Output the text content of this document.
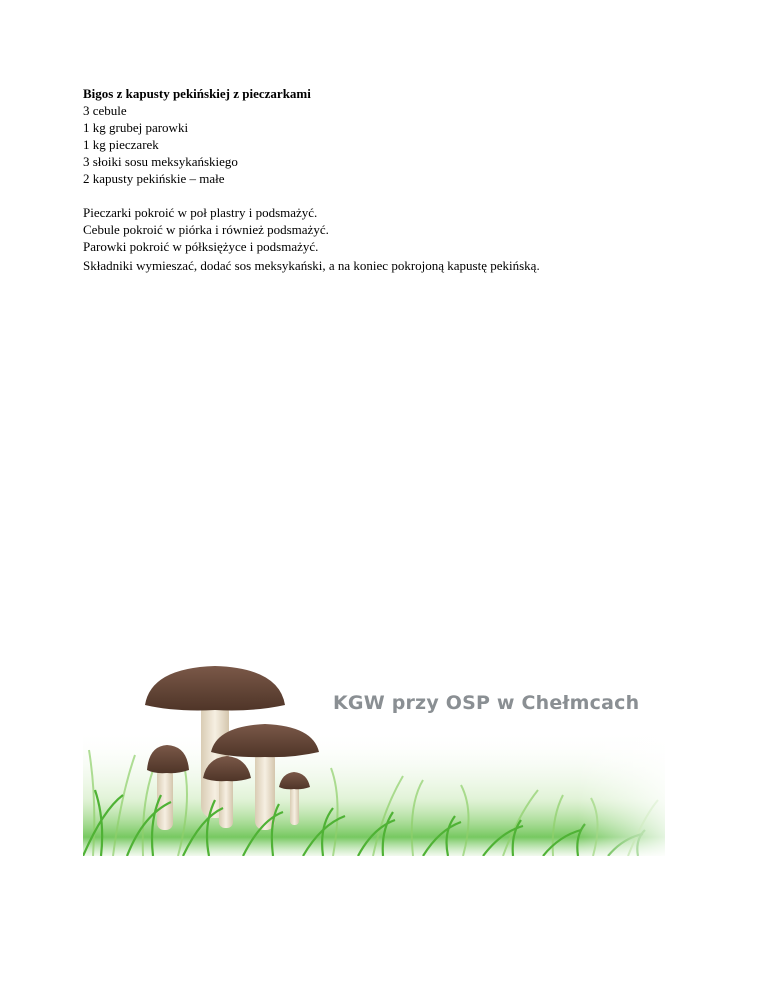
Bigos z kapusty pekińskiej z pieczarkami

3 cebule
1 kg grubej parowki
1 kg pieczarek
3 słoiki sosu meksykańskiego
2 kapusty pekińskie – małe

Pieczarki pokroić w poł plastry i podsmażyć.

Cebule pokroić w piórka i również podsmażyć.

Parowki pokroić w półksiężyce i podsmażyć.

Składniki wymieszać, dodać sos meksykański, a na koniec pokrojoną kapustę pekińską.

KGW przy OSP w Chełmcach
